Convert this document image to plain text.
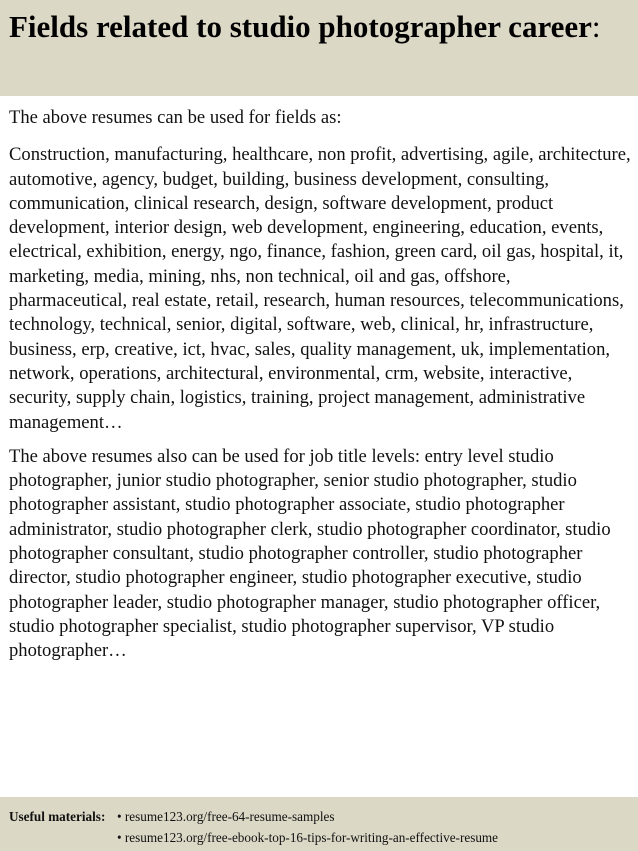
Fields related to studio photographer career:

The above resumes can be used for fields as:

Construction, manufacturing, healthcare, non profit, advertising, agile, architecture, automotive, agency, budget, building, business development, consulting, communication, clinical research, design, software development, product development, interior design, web development, engineering, education, events, electrical, exhibition, energy, ngo, finance, fashion, green card, oil gas, hospital, it, marketing, media, mining, nhs, non technical, oil and gas, offshore, pharmaceutical, real estate, retail, research, human resources, telecommunications, technology, technical, senior, digital, software, web, clinical, hr, infrastructure, business, erp, creative, ict, hvac, sales, quality management, uk, implementation, network, operations, architectural, environmental, crm, website, interactive, security, supply chain, logistics, training, project management, administrative management…

The above resumes also can be used for job title levels: entry level studio photographer, junior studio photographer, senior studio photographer, studio photographer assistant, studio photographer associate, studio photographer administrator, studio photographer clerk, studio photographer coordinator, studio photographer consultant, studio photographer controller, studio photographer director, studio photographer engineer, studio photographer executive, studio photographer leader, studio photographer manager, studio photographer officer, studio photographer specialist, studio photographer supervisor, VP studio photographer…

Useful materials: • resume123.org/free-64-resume-samples
• resume123.org/free-ebook-top-16-tips-for-writing-an-effective-resume
